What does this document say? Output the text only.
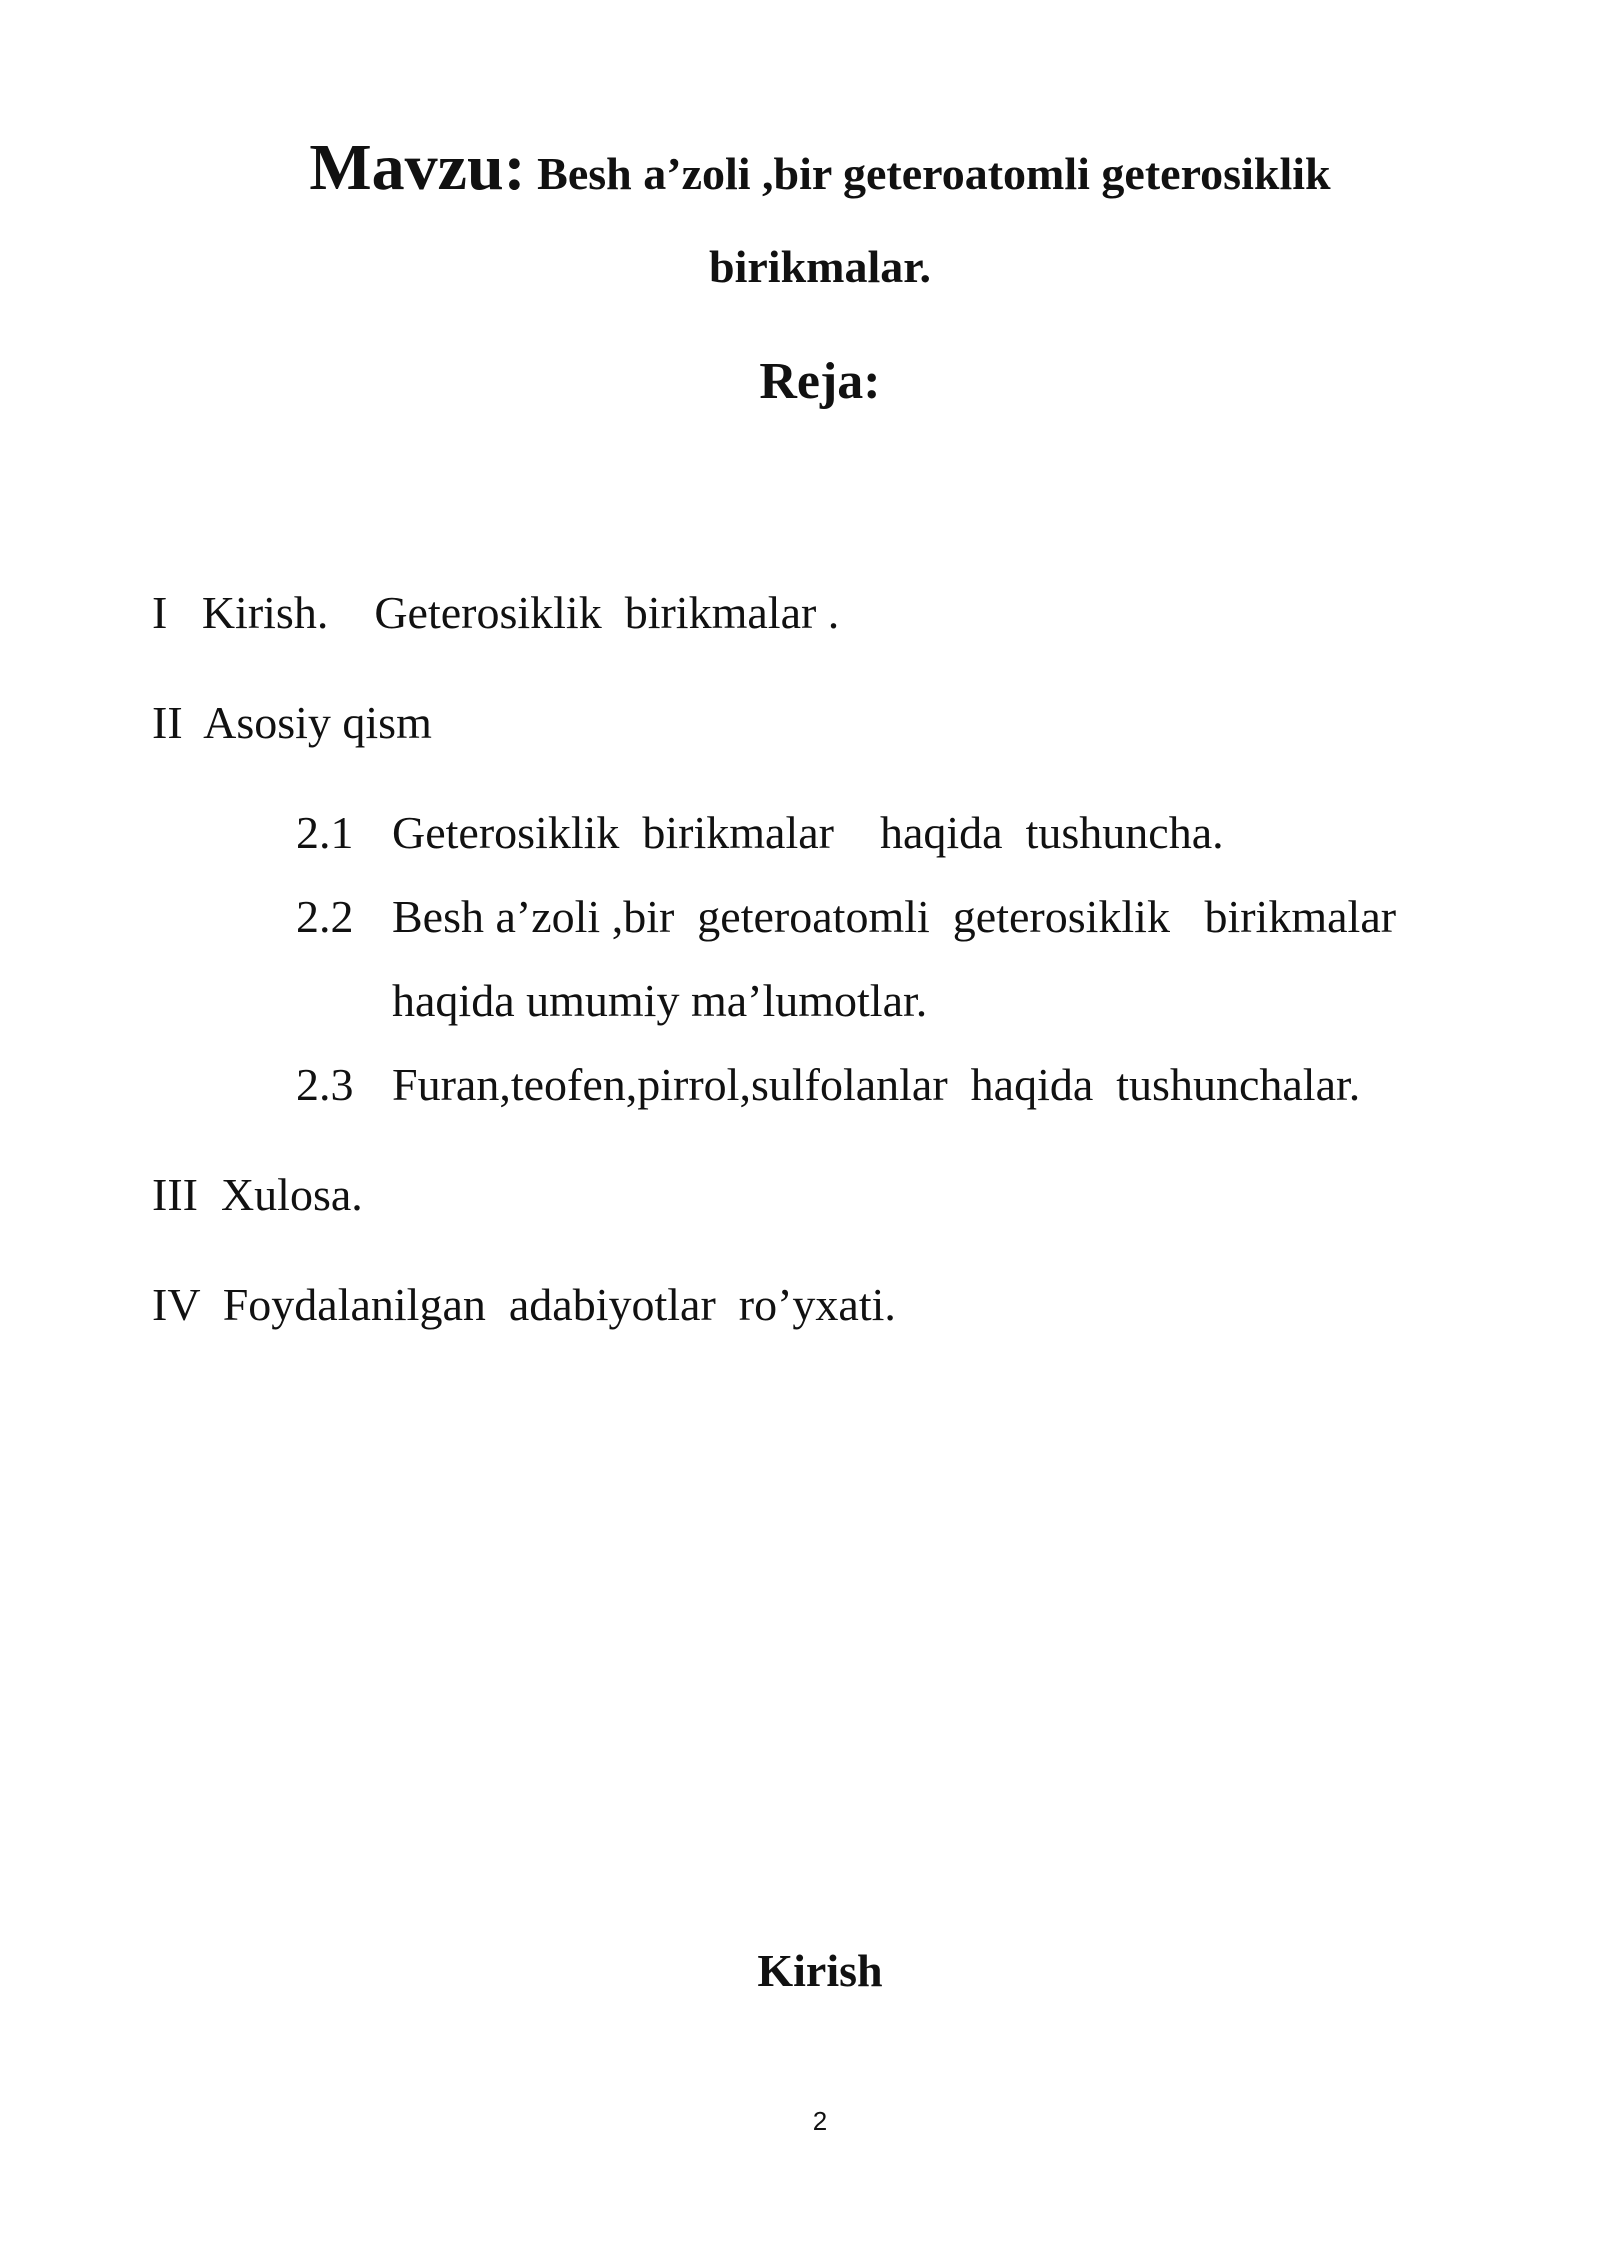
Mavzu: Besh a’zoli ,bir geteroatomli geterosiklik
birikmalar.
Reja:
I   Kirish.    Geterosiklik  birikmalar .
II  Asosiy qism
2.1 Geterosiklik  birikmalar    haqida  tushuncha.
2.2 Besh a’zoli ,bir  geteroatomli  geterosiklik   birikmalar
haqida umumiy ma’lumotlar.
2.3 Furan,teofen,pirrol,sulfolanlar  haqida  tushunchalar.
III  Xulosa.
IV  Foydalanilgan  adabiyotlar  ro’yxati.
Kirish
2
